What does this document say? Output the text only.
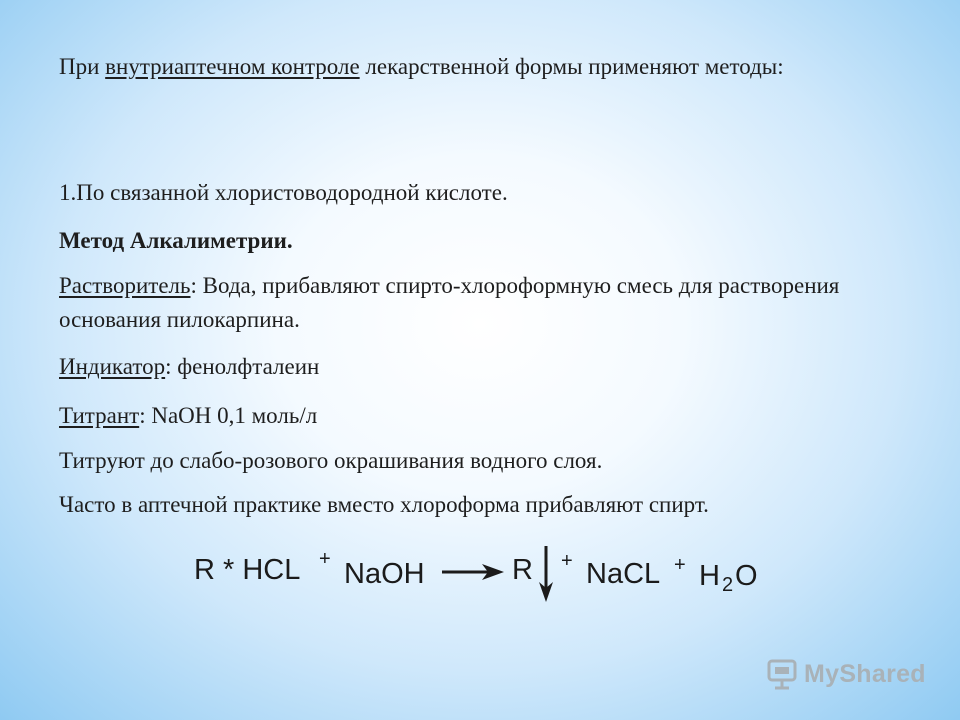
При внутриаптечном контроле лекарственной формы применяют методы:
1.По связанной хлористоводородной кислоте.
Метод Алкалиметрии.
Растворитель: Вода, прибавляют спирто-хлороформную смесь для растворения основания пилокарпина.
Индикатор: фенолфталеин
Титрант: NaOH 0,1 моль/л
Титруют до слабо-розового окрашивания водного слоя.
Часто в аптечной практике вместо хлороформа прибавляют спирт.
R * HCL + NaOH → R + NaCL + H 2 O
MyShared
